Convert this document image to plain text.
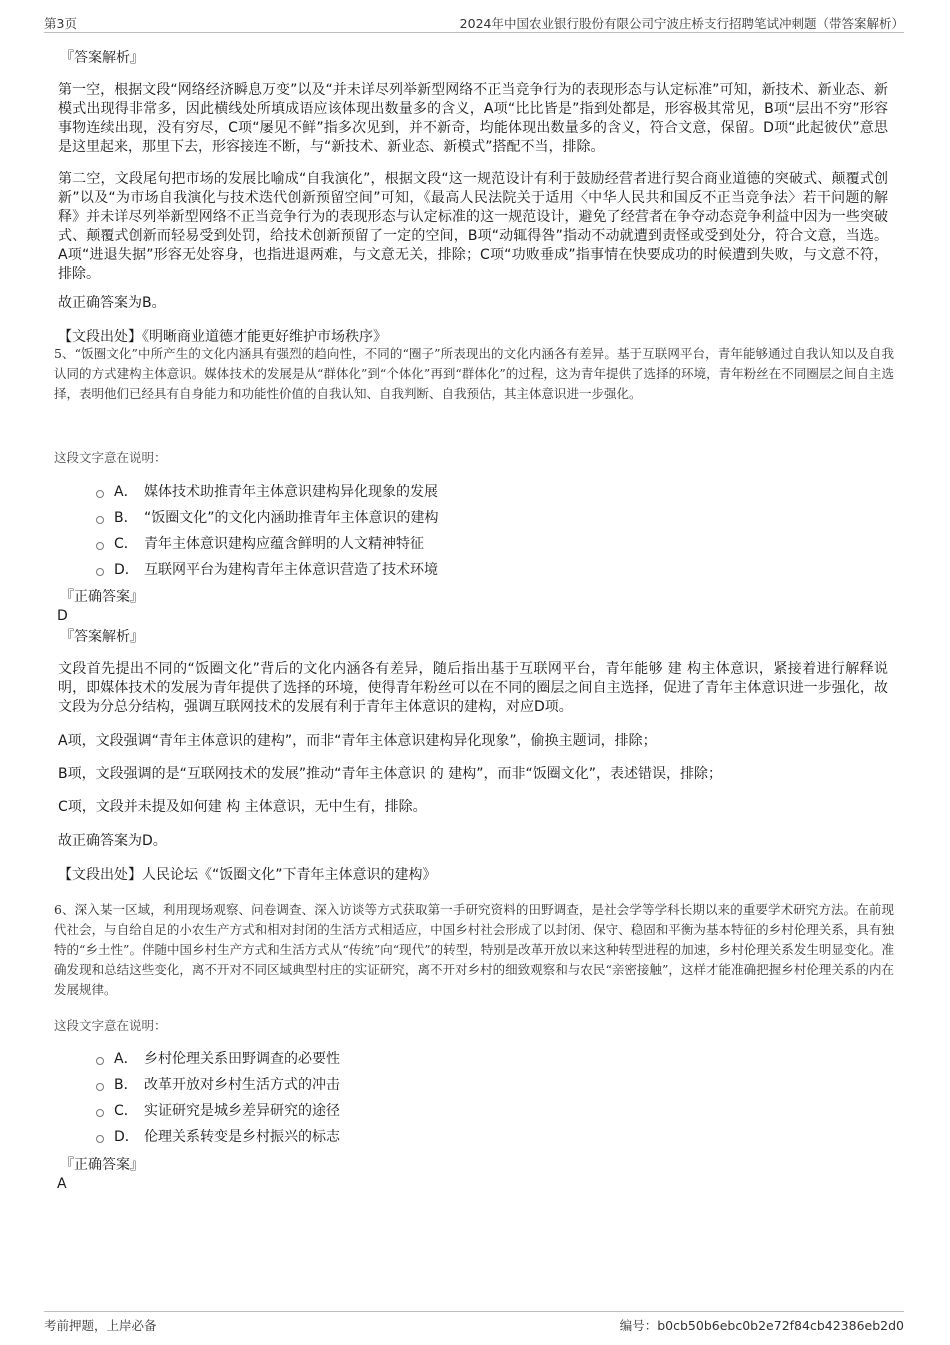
第3页	2024年中国农业银行股份有限公司宁波庄桥支行招聘笔试冲刺题（带答案解析）
『答案解析』

第一空，根据文段“网络经济瞬息万变”以及“并未详尽列举新型网络不正当竞争行为的表现形态与认定标准”可知，新技术、新业态、新模式出现得非常多，因此横线处所填成语应该体现出数量多的含义，A项“比比皆是”指到处都是，形容极其常见，B项“层出不穷”形容事物连续出现，没有穷尽，C项“屡见不鲜”指多次见到，并不新奇，均能体现出数量多的含义，符合文意，保留。D项“此起彼伏”意思是这里起来，那里下去，形容接连不断，与“新技术、新业态、新模式”搭配不当，排除。

第二空，文段尾句把市场的发展比喻成“自我演化”，根据文段“这一规范设计有利于鼓励经营者进行契合商业道德的突破式、颠覆式创新”以及“为市场自我演化与技术迭代创新预留空间”可知，《最高人民法院关于适用〈中华人民共和国反不正当竞争法〉若干问题的解释》并未详尽列举新型网络不正当竞争行为的表现形态与认定标准的这一规范设计，避免了经营者在争夺动态竞争利益中因为一些突破式、颠覆式创新而轻易受到处罚，给技术创新预留了一定的空间，B项“动辄得咎”指动不动就遭到责怪或受到处分，符合文意，当选。A项“进退失据”形容无处容身，也指进退两难，与文意无关，排除；C项“功败垂成”指事情在快要成功的时候遭到失败，与文意不符，排除。

故正确答案为B。

【文段出处】《明晰商业道德才能更好维护市场秩序》

5、“饭圈文化”中所产生的文化内涵具有强烈的趋向性，不同的“圈子”所表现出的文化内涵各有差异。基于互联网平台，青年能够通过自我认知以及自我认同的方式建构主体意识。媒体技术的发展是从“群体化”到“个体化”再到“群体化”的过程，这为青年提供了选择的环境，青年粉丝在不同圈层之间自主选择，表明他们已经具有自身能力和功能性价值的自我认知、自我判断、自我预估，其主体意识进一步强化。

这段文字意在说明：
A． 媒体技术助推青年主体意识建构异化现象的发展
B． “饭圈文化”的文化内涵助推青年主体意识的建构
C． 青年主体意识建构应蕴含鲜明的人文精神特征
D． 互联网平台为建构青年主体意识营造了技术环境
『正确答案』
D
『答案解析』

文段首先提出不同的“饭圈文化”背后的文化内涵各有差异，随后指出基于互联网平台，青年能够 建 构主体意识，紧接着进行解释说明，即媒体技术的发展为青年提供了选择的环境，使得青年粉丝可以在不同的圈层之间自主选择，促进了青年主体意识进一步强化，故文段为分总分结构，强调互联网技术的发展有利于青年主体意识的建构，对应D项。

A项，文段强调“青年主体意识的建构”，而非“青年主体意识建构异化现象”，偷换主题词，排除；

B项，文段强调的是“互联网技术的发展”推动“青年主体意识 的 建构”，而非“饭圈文化”，表述错误，排除；

C项，文段并未提及如何建 构 主体意识，无中生有，排除。

故正确答案为D。

【文段出处】人民论坛《“饭圈文化”下青年主体意识的建构》

6、深入某一区域，利用现场观察、问卷调查、深入访谈等方式获取第一手研究资料的田野调查，是社会学等学科长期以来的重要学术研究方法。在前现代社会，与自给自足的小农生产方式和相对封闭的生活方式相适应，中国乡村社会形成了以封闭、保守、稳固和平衡为基本特征的乡村伦理关系，具有独特的“乡土性”。伴随中国乡村生产方式和生活方式从“传统”向“现代”的转型，特别是改革开放以来这种转型进程的加速，乡村伦理关系发生明显变化。准确发现和总结这些变化，离不开对不同区域典型村庄的实证研究，离不开对乡村的细致观察和与农民“亲密接触”，这样才能准确把握乡村伦理关系的内在发展规律。

这段文字意在说明：
A． 乡村伦理关系田野调查的必要性
B． 改革开放对乡村生活方式的冲击
C． 实证研究是城乡差异研究的途径
D． 伦理关系转变是乡村振兴的标志
『正确答案』
A
考前押题，上岸必备	编号：b0cb50b6ebc0b2e72f84cb42386eb2d0
